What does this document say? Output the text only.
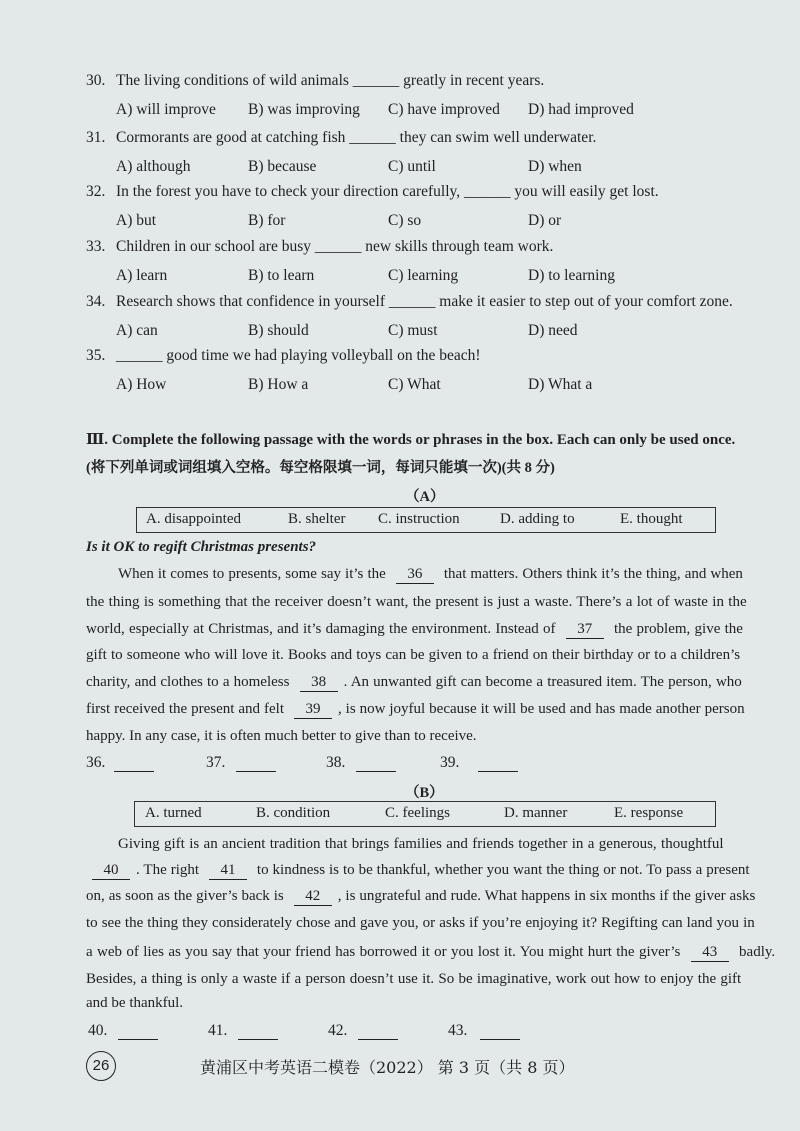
30. The living conditions of wild animals ______ greatly in recent years.
A) will improve B) was improving C) have improved D) had improved
31. Cormorants are good at catching fish ______ they can swim well underwater.
A) although	B) because	C) until	D) when
32. In the forest you have to check your direction carefully, ______ you will easily get lost.
A) but	B) for	C) so	D) or
33. Children in our school are busy ______ new skills through team work.
A) learn	B) to learn	C) learning	D) to learning
34. Research shows that confidence in yourself ______ make it easier to step out of your comfort zone.
A) can	B) should	C) must	D) need
35. ______ good time we had playing volleyball on the beach!
A) How	B) How a	C) What	D) What a
Ⅲ. Complete the following passage with the words or phrases in the box. Each can only be used once.
(将下列单词或词组填入空格。每空格限填一词，每词只能填一次)(共 8 分)
（A）
A. disappointed	B. shelter C. instruction	D. adding to	E. thought
Is it OK to regift Christmas presents?
When it comes to presents, some say it’s the 36 that matters. Others think it’s the thing, and when
the thing is something that the receiver doesn’t want, the present is just a waste. There’s a lot of waste in the
world, especially at Christmas, and it’s damaging the environment. Instead of 37 the problem, give the
gift to someone who will love it. Books and toys can be given to a friend on their birthday or to a children’s
charity, and clothes to a homeless 38 . An unwanted gift can become a treasured item. The person, who
first received the present and felt 39 , is now joyful because it will be used and has made another person
happy. In any case, it is often much better to give than to receive.
36.
	37.
	38.
	39.

（B）
A. turned	B. condition	C. feelings	D. manner	E. response
Giving gift is an ancient tradition that brings families and friends together in a generous, thoughtful
40 . The right 41 to kindness is to be thankful, whether you want the thing or not. To pass a present
on, as soon as the giver’s back is 42 , is ungrateful and rude. What happens in six months if the giver asks
to see the thing they considerately chose and gave you, or asks if you’re enjoying it? Regifting can land you in
a web of lies as you say that your friend has borrowed it or you lost it. You might hurt the giver’s 43 badly.
Besides, a thing is only a waste if a person doesn’t use it. So be imaginative, work out how to enjoy the gift
and be thankful.
40.
	41.
	42.
	43.

26	黄浦区中考英语二模卷（2022） 第 3 页（共 8 页）
